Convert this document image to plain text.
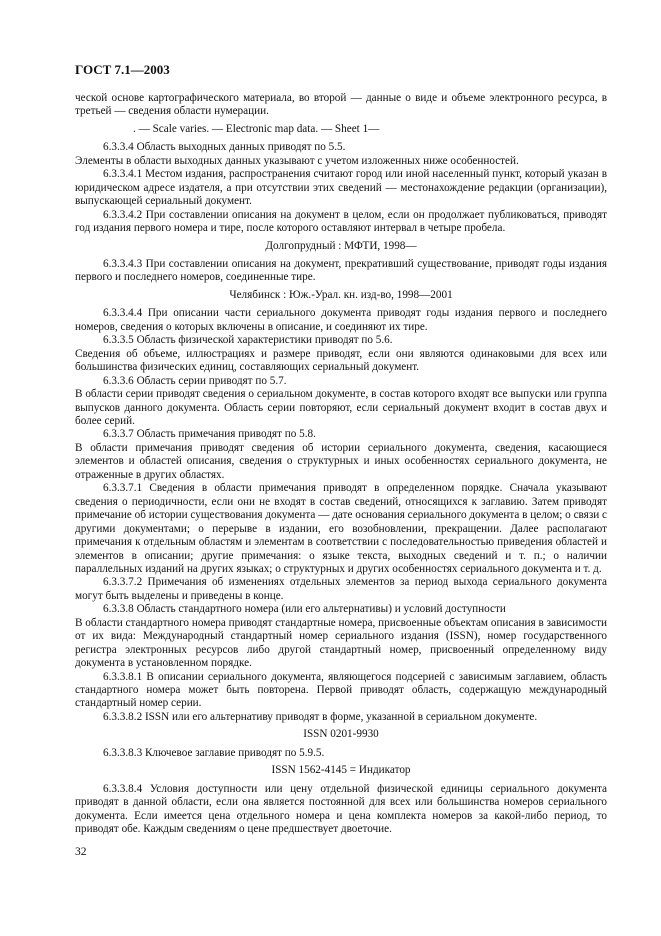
ГОСТ 7.1—2003

ческой основе картографического материала, во второй — данные о виде и объеме электронного ресурса, в третьей — сведения области нумерации.

. — Scale varies. — Electronic map data. — Sheet 1—

6.3.3.4 Область выходных данных приводят по 5.5.

Элементы в области выходных данных указывают с учетом изложенных ниже особенностей.

6.3.3.4.1 Местом издания, распространения считают город или иной населенный пункт, который указан в юридическом адресе издателя, а при отсутствии этих сведений — местонахождение редакции (организации), выпускающей сериальный документ.

6.3.3.4.2 При составлении описания на документ в целом, если он продолжает публиковаться, приводят год издания первого номера и тире, после которого оставляют интервал в четыре пробела.

Долгопрудный : МФТИ, 1998—

6.3.3.4.3 При составлении описания на документ, прекративший существование, приводят годы издания первого и последнего номеров, соединенные тире.

Челябинск : Юж.-Урал. кн. изд-во, 1998—2001

6.3.3.4.4 При описании части сериального документа приводят годы издания первого и последнего номеров, сведения о которых включены в описание, и соединяют их тире.

6.3.3.5 Область физической характеристики приводят по 5.6.

Сведения об объеме, иллюстрациях и размере приводят, если они являются одинаковыми для всех или большинства физических единиц, составляющих сериальный документ.

6.3.3.6 Область серии приводят по 5.7.

В области серии приводят сведения о сериальном документе, в состав которого входят все выпуски или группа выпусков данного документа. Область серии повторяют, если сериальный документ входит в состав двух и более серий.

6.3.3.7 Область примечания приводят по 5.8.

В области примечания приводят сведения об истории сериального документа, сведения, касающиеся элементов и областей описания, сведения о структурных и иных особенностях сериального документа, не отраженные в других областях.

6.3.3.7.1 Сведения в области примечания приводят в определенном порядке. Сначала указывают сведения о периодичности, если они не входят в состав сведений, относящихся к заглавию. Затем приводят примечание об истории существования документа — дате основания сериального документа в целом; о связи с другими документами; о перерыве в издании, его возобновлении, прекращении. Далее располагают примечания к отдельным областям и элементам в соответствии с последовательностью приведения областей и элементов в описании; другие примечания: о языке текста, выходных сведений и т. п.; о наличии параллельных изданий на других языках; о структурных и других особенностях сериального документа и т. д.

6.3.3.7.2 Примечания об изменениях отдельных элементов за период выхода сериального документа могут быть выделены и приведены в конце.

6.3.3.8 Область стандартного номера (или его альтернативы) и условий доступности

В области стандартного номера приводят стандартные номера, присвоенные объектам описания в зависимости от их вида: Международный стандартный номер сериального издания (ISSN), номер государственного регистра электронных ресурсов либо другой стандартный номер, присвоенный определенному виду документа в установленном порядке.

6.3.3.8.1 В описании сериального документа, являющегося подсерией с зависимым заглавием, область стандартного номера может быть повторена. Первой приводят область, содержащую международный стандартный номер серии.

6.3.3.8.2 ISSN или его альтернативу приводят в форме, указанной в сериальном документе.

ISSN 0201-9930

6.3.3.8.3 Ключевое заглавие приводят по 5.9.5.

ISSN 1562-4145 = Индикатор

6.3.3.8.4 Условия доступности или цену отдельной физической единицы сериального документа приводят в данной области, если она является постоянной для всех или большинства номеров сериального документа. Если имеется цена отдельного номера и цена комплекта номеров за какой-либо период, то приводят обе. Каждым сведениям о цене предшествует двоеточие.

32
